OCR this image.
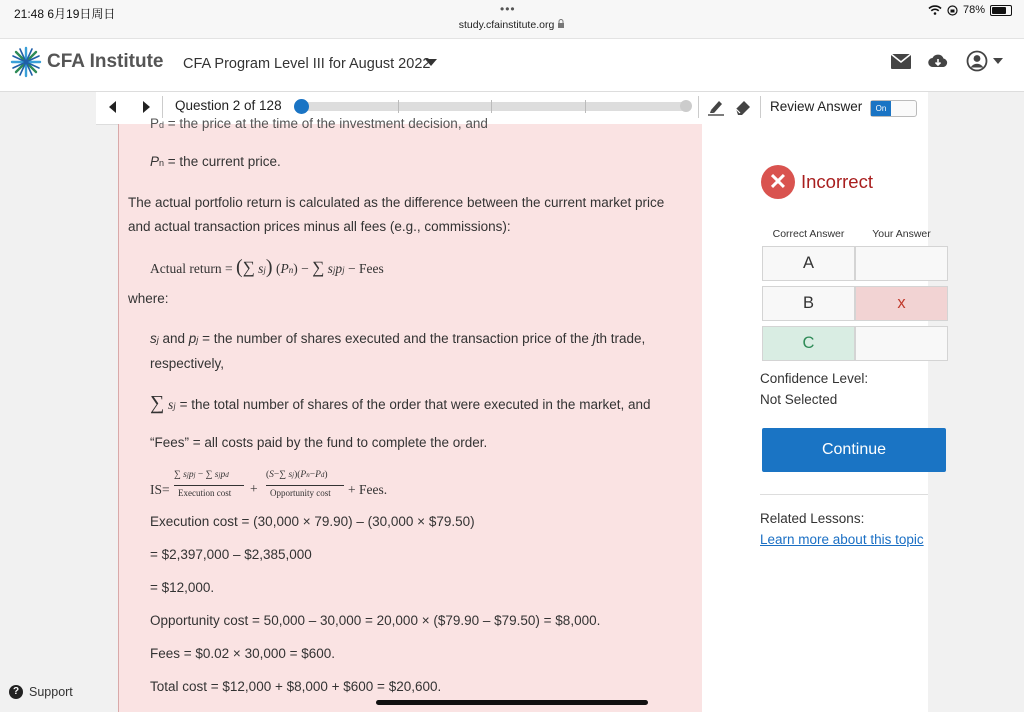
21:48 6月19日周日	•••
study.cfainstitute.org
78%
CFA Institute CFA Program Level III for August 2022
Question 2 of 128	Review Answer	On
Pd = the price at the time of the investment decision, and
Pn = the current price.
The actual portfolio return is calculated as the difference between the current market price
and actual transaction prices minus all fees (e.g., commissions):
Actual return = (∑ sj) (Pn) − ∑ sjpj − Fees
where:
sj and pj = the number of shares executed and the transaction price of the jth trade,
respectively,
∑ sj = the total number of shares of the order that were executed in the market, and
“Fees” = all costs paid by the fund to complete the order.
IS=
∑ sjpj − ∑ sjpd
Execution cost +
(S−∑ sj)(Pn−Pd)
Opportunity cost + Fees.
Execution cost = (30,000 × 79.90) – (30,000 × $79.50)
= $2,397,000 – $2,385,000
= $12,000.
Opportunity cost = 50,000 – 30,000 = 20,000 × ($79.90 – $79.50) = $8,000.
Fees = $0.02 × 30,000 = $600.
Total cost = $12,000 + $8,000 + $600 = $20,600.
✕ Incorrect
Correct Answer	Your Answer
A
B	x
C
Confidence Level:
Not Selected
Continue
Related Lessons:
Learn more about this topic
? Support
